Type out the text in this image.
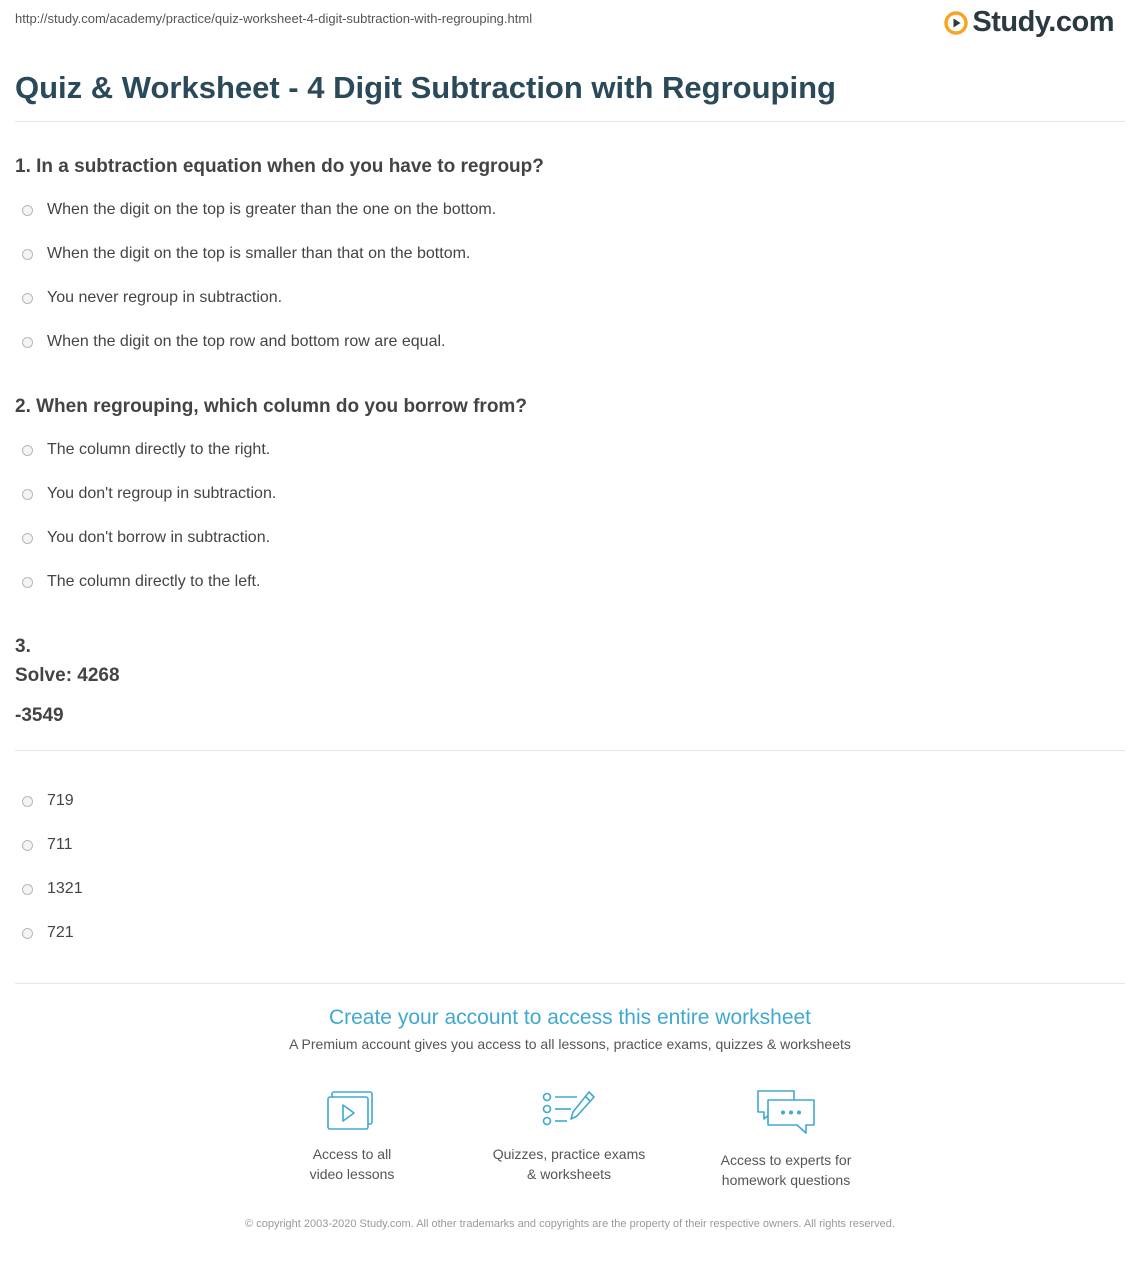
http://study.com/academy/practice/quiz-worksheet-4-digit-subtraction-with-regrouping.html	Study.com
Quiz & Worksheet - 4 Digit Subtraction with Regrouping

1. In a subtraction equation when do you have to regroup?

When the digit on the top is greater than the one on the bottom.
When the digit on the top is smaller than that on the bottom.
You never regroup in subtraction.
When the digit on the top row and bottom row are equal.

2. When regrouping, which column do you borrow from?

The column directly to the right.
You don't regroup in subtraction.
You don't borrow in subtraction.
The column directly to the left.

3.

Solve: 4268

-3549

719
711
1321
721
Create your account to access this entire worksheet
A Premium account gives you access to all lessons, practice exams, quizzes & worksheets
Access to all
video lessons
Quizzes, practice exams
& worksheets
Access to experts for
homework questions
© copyright 2003-2020 Study.com. All other trademarks and copyrights are the property of their respective owners. All rights reserved.
